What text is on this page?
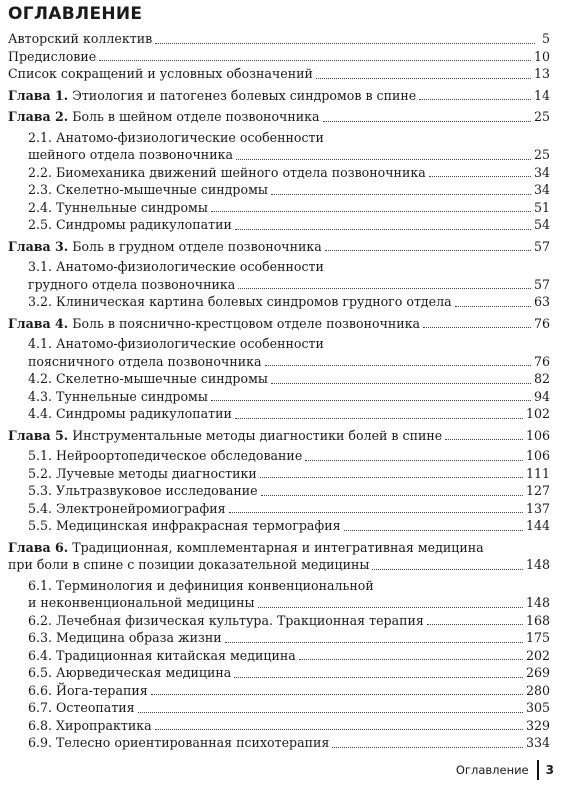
ОГЛАВЛЕНИЕ
Авторский коллектив	5
Предисловие	10
Список сокращений и условных обозначений	13
Глава 1. Этиология и патогенез болевых синдромов в спине	14
Глава 2. Боль в шейном отделе позвоночника	25
2.1. Анатомо-физиологические особенности
шейного отдела позвоночника	25
2.2. Биомеханика движений шейного отдела позвоночника	34
2.3. Скелетно-мышечные синдромы	34
2.4. Туннельные синдромы	51
2.5. Синдромы радикулопатии	54
Глава 3. Боль в грудном отделе позвоночника	57
3.1. Анатомо-физиологические особенности
грудного отдела позвоночника	57
3.2. Клиническая картина болевых синдромов грудного отдела	63
Глава 4. Боль в пояснично-крестцовом отделе позвоночника	76
4.1. Анатомо-физиологические особенности
поясничного отдела позвоночника	76
4.2. Скелетно-мышечные синдромы	82
4.3. Туннельные синдромы	94
4.4. Синдромы радикулопатии	102
Глава 5. Инструментальные методы диагностики болей в спине	106
5.1. Нейроортопедическое обследование	106
5.2. Лучевые методы диагностики	111
5.3. Ультразвуковое исследование	127
5.4. Электронейромиография	137
5.5. Медицинская инфракрасная термография	144
Глава 6. Традиционная, комплементарная и интегративная медицина
при боли в спине с позиции доказательной медицины	148
6.1. Терминология и дефиниция конвенциональной
и неконвенциональной медицины	148
6.2. Лечебная физическая культура. Тракционная терапия	168
6.3. Медицина образа жизни	175
6.4. Традиционная китайская медицина	202
6.5. Аюрведическая медицина	269
6.6. Йога-терапия	280
6.7. Остеопатия	305
6.8. Хиропрактика	329
6.9. Телесно ориентированная психотерапия	334
Оглавление 3
